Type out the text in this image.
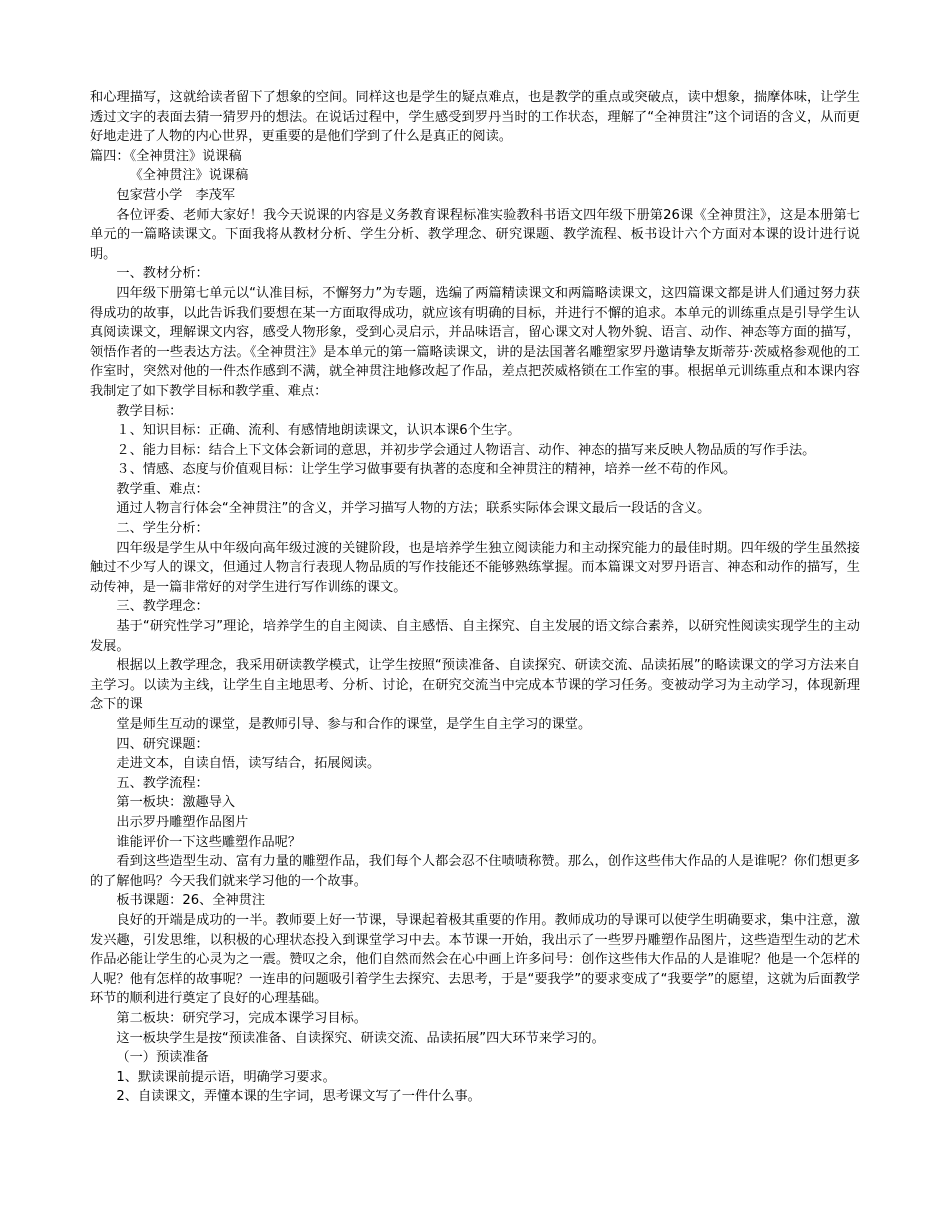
和心理描写，这就给读者留下了想象的空间。同样这也是学生的疑点难点，也是教学的重点或突破点，读中想象，揣摩体味，让学生透过文字的表面去猜一猜罗丹的想法。在说话过程中，学生感受到罗丹当时的工作状态，理解了“全神贯注”这个词语的含义，从而更好地走进了人物的内心世界，更重要的是他们学到了什么是真正的阅读。

篇四：《全神贯注》说课稿

《全神贯注》说课稿

包家营小学　李茂军

各位评委、老师大家好！我今天说课的内容是义务教育课程标准实验教科书语文四年级下册第26课《全神贯注》，这是本册第七单元的一篇略读课文。下面我将从教材分析、学生分析、教学理念、研究课题、教学流程、板书设计六个方面对本课的设计进行说明。

一、教材分析：

四年级下册第七单元以“认准目标，不懈努力”为专题，选编了两篇精读课文和两篇略读课文，这四篇课文都是讲人们通过努力获得成功的故事，以此告诉我们要想在某一方面取得成功，就应该有明确的目标，并进行不懈的追求。本单元的训练重点是引导学生认真阅读课文，理解课文内容，感受人物形象，受到心灵启示，并品味语言，留心课文对人物外貌、语言、动作、神态等方面的描写，领悟作者的一些表达方法。《全神贯注》是本单元的第一篇略读课文，讲的是法国著名雕塑家罗丹邀请挚友斯蒂芬·茨威格参观他的工作室时，突然对他的一件杰作感到不满，就全神贯注地修改起了作品，差点把茨威格锁在工作室的事。根据单元训练重点和本课内容我制定了如下教学目标和教学重、难点：

教学目标：

１、知识目标：正确、流利、有感情地朗读课文，认识本课6个生字。

２、能力目标：结合上下文体会新词的意思，并初步学会通过人物语言、动作、神态的描写来反映人物品质的写作手法。

３、情感、态度与价值观目标：让学生学习做事要有执著的态度和全神贯注的精神，培养一丝不苟的作风。

教学重、难点：

通过人物言行体会“全神贯注”的含义，并学习描写人物的方法；联系实际体会课文最后一段话的含义。

二、学生分析：

四年级是学生从中年级向高年级过渡的关键阶段，也是培养学生独立阅读能力和主动探究能力的最佳时期。四年级的学生虽然接触过不少写人的课文，但通过人物言行表现人物品质的写作技能还不能够熟练掌握。而本篇课文对罗丹语言、神态和动作的描写，生动传神，是一篇非常好的对学生进行写作训练的课文。

三、教学理念：

基于“研究性学习”理论，培养学生的自主阅读、自主感悟、自主探究、自主发展的语文综合素养，以研究性阅读实现学生的主动发展。

根据以上教学理念，我采用研读教学模式，让学生按照“预读准备、自读探究、研读交流、品读拓展”的略读课文的学习方法来自主学习。以读为主线，让学生自主地思考、分析、讨论，在研究交流当中完成本节课的学习任务。变被动学习为主动学习，体现新理念下的课

堂是师生互动的课堂，是教师引导、参与和合作的课堂，是学生自主学习的课堂。

四、研究课题：

走进文本，自读自悟，读写结合，拓展阅读。

五、教学流程：

第一板块：激趣导入

出示罗丹雕塑作品图片

谁能评价一下这些雕塑作品呢？

看到这些造型生动、富有力量的雕塑作品，我们每个人都会忍不住啧啧称赞。那么，创作这些伟大作品的人是谁呢？你们想更多的了解他吗？今天我们就来学习他的一个故事。

板书课题：26、全神贯注

良好的开端是成功的一半。教师要上好一节课，导课起着极其重要的作用。教师成功的导课可以使学生明确要求，集中注意，激发兴趣，引发思维，以积极的心理状态投入到课堂学习中去。本节课一开始，我出示了一些罗丹雕塑作品图片，这些造型生动的艺术作品必能让学生的心灵为之一震。赞叹之余，他们自然而然会在心中画上许多问号：创作这些伟大作品的人是谁呢？他是一个怎样的人呢？他有怎样的故事呢？一连串的问题吸引着学生去探究、去思考，于是“要我学”的要求变成了“我要学”的愿望，这就为后面教学环节的顺利进行奠定了良好的心理基础。

第二板块：研究学习，完成本课学习目标。

这一板块学生是按“预读准备、自读探究、研读交流、品读拓展”四大环节来学习的。

（一）预读准备

1、默读课前提示语，明确学习要求。

2、自读课文，弄懂本课的生字词，思考课文写了一件什么事。
